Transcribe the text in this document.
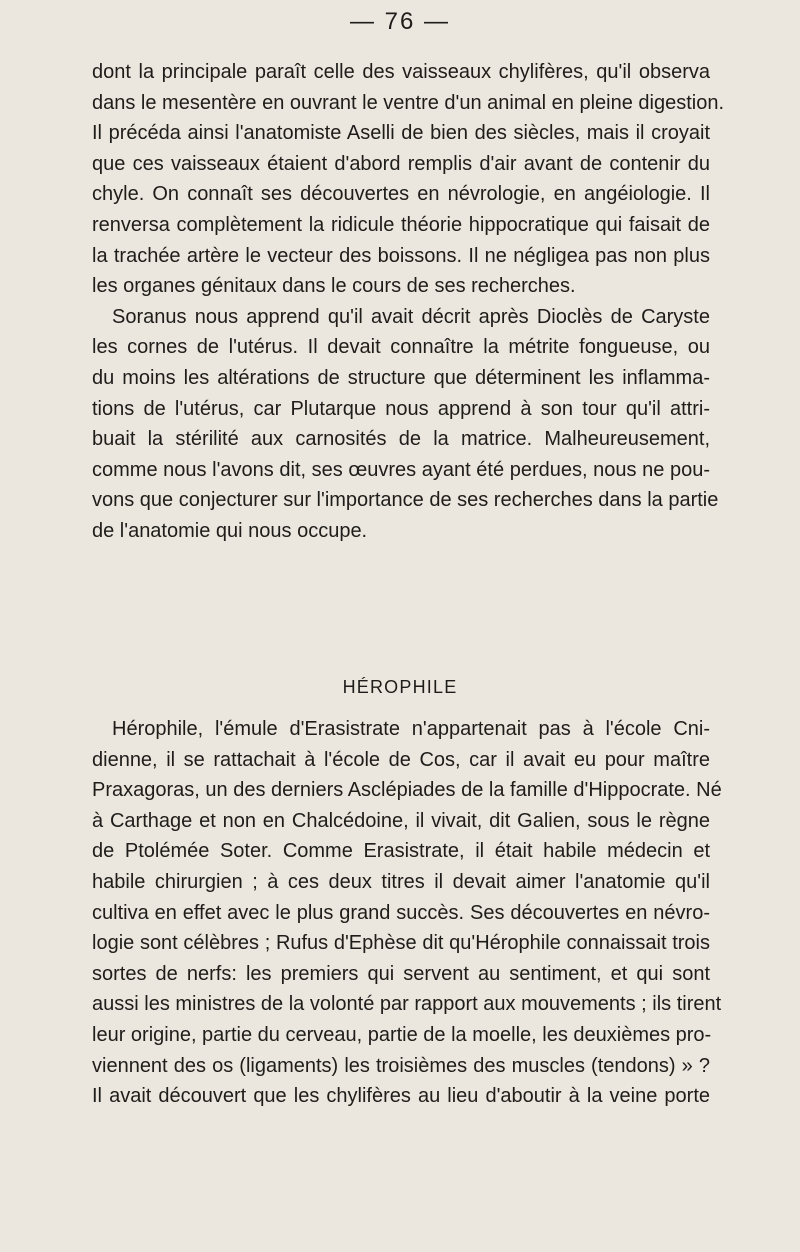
— 76 —
dont la principale paraît celle des vaisseaux chylifères, qu'il observa
dans le mesentère en ouvrant le ventre d'un animal en pleine digestion.
Il précéda ainsi l'anatomiste Aselli de bien des siècles, mais il croyait
que ces vaisseaux étaient d'abord remplis d'air avant de contenir du
chyle. On connaît ses découvertes en névrologie, en angéiologie. Il
renversa complètement la ridicule théorie hippocratique qui faisait de
la trachée artère le vecteur des boissons. Il ne négligea pas non plus
les organes génitaux dans le cours de ses recherches.
Soranus nous apprend qu'il avait décrit après Dioclès de Caryste
les cornes de l'utérus. Il devait connaître la métrite fongueuse, ou
du moins les altérations de structure que déterminent les inflamma-
tions de l'utérus, car Plutarque nous apprend à son tour qu'il attri-
buait la stérilité aux carnosités de la matrice. Malheureusement,
comme nous l'avons dit, ses œuvres ayant été perdues, nous ne pou-
vons que conjecturer sur l'importance de ses recherches dans la partie
de l'anatomie qui nous occupe.
HÉROPHILE
Hérophile, l'émule d'Erasistrate n'appartenait pas à l'école Cni-
dienne, il se rattachait à l'école de Cos, car il avait eu pour maître
Praxagoras, un des derniers Asclépiades de la famille d'Hippocrate. Né
à Carthage et non en Chalcédoine, il vivait, dit Galien, sous le règne
de Ptolémée Soter. Comme Erasistrate, il était habile médecin et
habile chirurgien ; à ces deux titres il devait aimer l'anatomie qu'il
cultiva en effet avec le plus grand succès. Ses découvertes en névro-
logie sont célèbres ; Rufus d'Ephèse dit qu'Hérophile connaissait trois
sortes de nerfs: les premiers qui servent au sentiment, et qui sont
aussi les ministres de la volonté par rapport aux mouvements ; ils tirent
leur origine, partie du cerveau, partie de la moelle, les deuxièmes pro-
viennent des os (ligaments) les troisièmes des muscles (tendons) » ?
Il avait découvert que les chylifères au lieu d'aboutir à la veine porte
